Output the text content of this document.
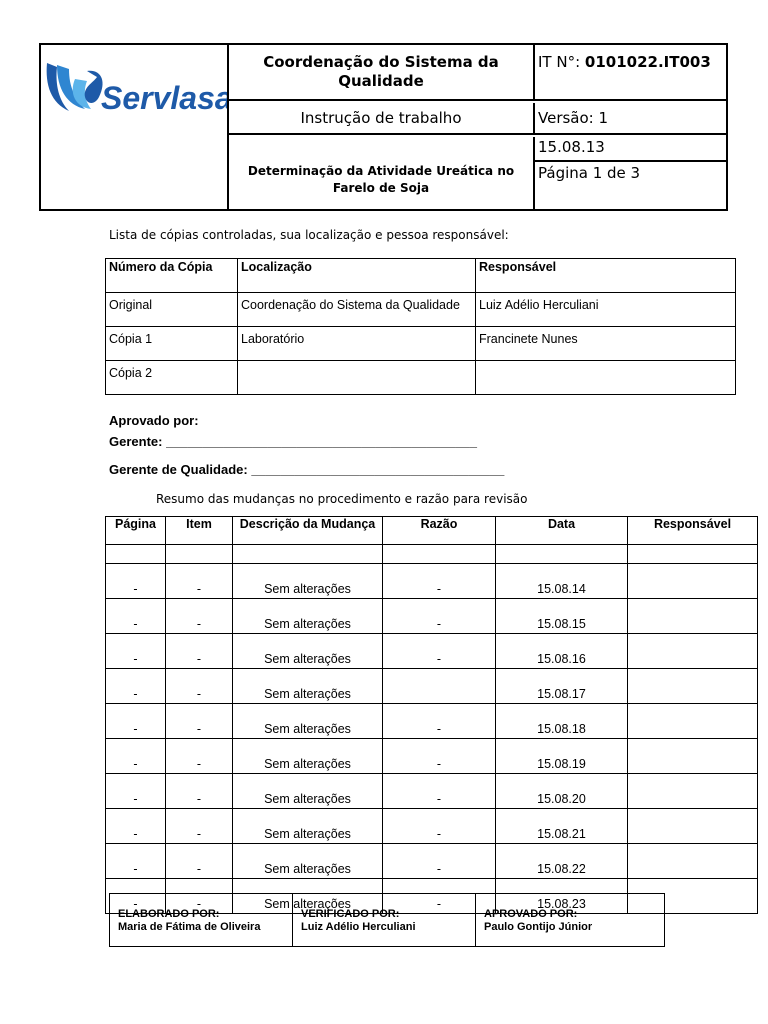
Servlasa
Coordenação do Sistema da Qualidade
IT N°: 0101022.IT003
Instrução de trabalho	Versão: 1
Determinação da Atividade Ureática no Farelo de Soja
15.08.13
Página 1 de 3
Lista de cópias controladas, sua localização e pessoa responsável:
Número da Cópia	Localização	Responsável
Original	Coordenação do Sistema da Qualidade	Luiz Adélio Herculiani
Cópia 1	Laboratório	Francinete Nunes
Cópia 2		
Aprovado por:
Gerente: ___________________________________________
Gerente de Qualidade: ___________________________________
Resumo das mudanças no procedimento e razão para revisão
Página	Item	Descrição da Mudança	Razão	Data	Responsável

-	-	Sem alterações	-	15.08.14	
-	-	Sem alterações	-	15.08.15	
-	-	Sem alterações	-	15.08.16	
-	-	Sem alterações		15.08.17	
-	-	Sem alterações	-	15.08.18	
-	-	Sem alterações	-	15.08.19	
-	-	Sem alterações	-	15.08.20	
-	-	Sem alterações	-	15.08.21	
-	-	Sem alterações	-	15.08.22	
-	-	Sem alterações	-	15.08.23	
ELABORADO POR:
Maria de Fátima de Oliveira

VERIFICADO POR:
Luiz Adélio Herculiani

APROVADO POR:
Paulo Gontijo Júnior
